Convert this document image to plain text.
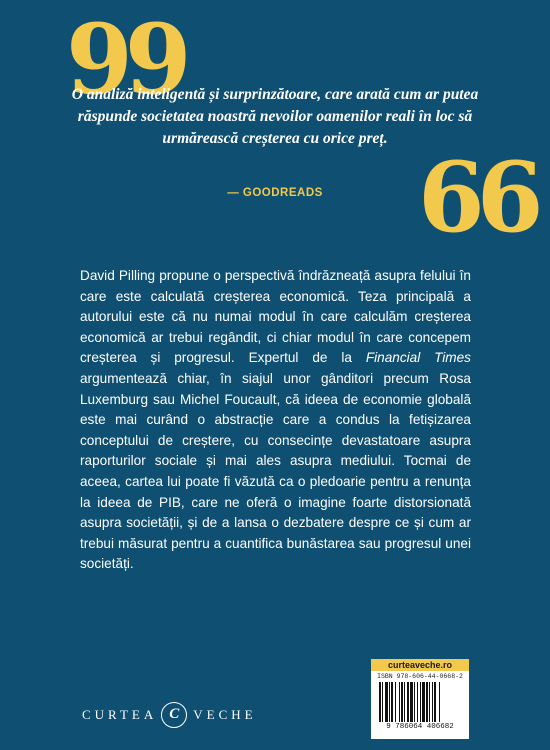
99
O analiză inteligentă și surprinzătoare, care arată cum ar putea răspunde societatea noastră nevoilor oamenilor reali în loc să urmărească creșterea cu orice preț.
— GOODREADS 66
David Pilling propune o perspectivă îndrăzneață asupra felului în care este calculată creșterea economică. Teza principală a autorului este că nu numai modul în care calculăm creșterea economică ar trebui regândit, ci chiar modul în care concepem creșterea și progresul. Expertul de la Financial Times argumentează chiar, în siajul unor gânditori precum Rosa Luxemburg sau Michel Foucault, că ideea de economie globală este mai curând o abstracție care a condus la fetișizarea conceptului de creștere, cu consecințe devastatoare asupra raporturilor sociale și mai ales asupra mediului. Tocmai de aceea, cartea lui poate fi văzută ca o pledoarie pentru a renunța la ideea de PIB, care ne oferă o imagine foarte distorsionată asupra societății, și de a lansa o dezbatere despre ce și cum ar trebui măsurat pentru a cuantifica bunăstarea sau progresul unei societăți.
CURTEA C	VECHE
curteaveche.ro
ISBN 978-606-44-0668-2
9 786064 406682
